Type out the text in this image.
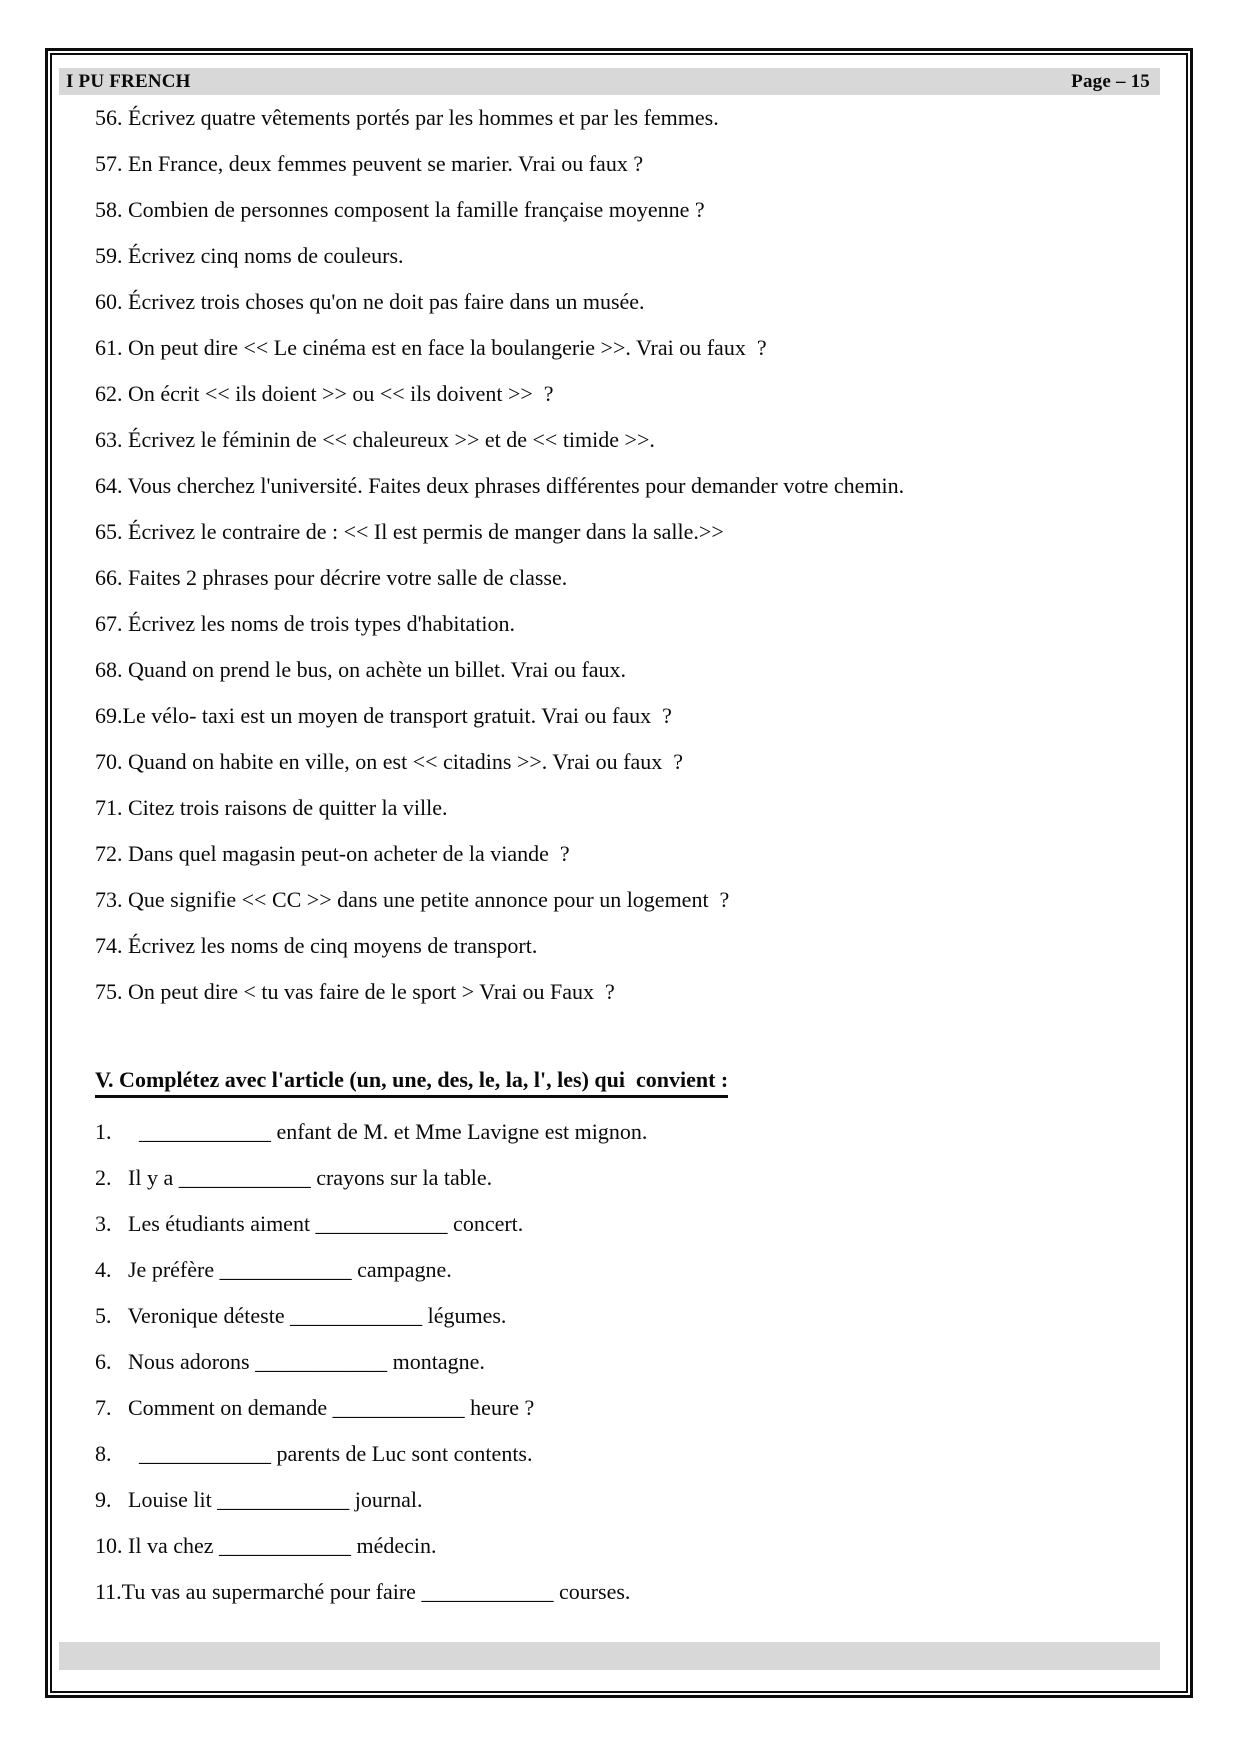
I PU FRENCH	Page – 15

56. Écrivez quatre vêtements portés par les hommes et par les femmes.

57. En France, deux femmes peuvent se marier. Vrai ou faux ?

58. Combien de personnes composent la famille française moyenne ?

59. Écrivez cinq noms de couleurs.

60. Écrivez trois choses qu'on ne doit pas faire dans un musée.

61. On peut dire << Le cinéma est en face la boulangerie >>. Vrai ou faux  ?

62. On écrit << ils doient >> ou << ils doivent >>  ?

63. Écrivez le féminin de << chaleureux >> et de << timide >>.

64. Vous cherchez l'université. Faites deux phrases différentes pour demander votre chemin.

65. Écrivez le contraire de : << Il est permis de manger dans la salle.>>

66. Faites 2 phrases pour décrire votre salle de classe.

67. Écrivez les noms de trois types d'habitation.

68. Quand on prend le bus, on achète un billet. Vrai ou faux.

69.Le vélo- taxi est un moyen de transport gratuit. Vrai ou faux  ?

70. Quand on habite en ville, on est << citadins >>. Vrai ou faux  ?

71. Citez trois raisons de quitter la ville.

72. Dans quel magasin peut-on acheter de la viande  ?

73. Que signifie << CC >> dans une petite annonce pour un logement  ?

74. Écrivez les noms de cinq moyens de transport.

75. On peut dire < tu vas faire de le sport > Vrai ou Faux  ?

V. Complétez avec l'article (un, une, des, le, la, l', les) qui  convient :

1.     ____________ enfant de M. et Mme Lavigne est mignon.

2.   Il y a ____________ crayons sur la table.

3.   Les étudiants aiment ____________ concert.

4.   Je préfère ____________ campagne.

5.   Veronique déteste ____________ légumes.

6.   Nous adorons ____________ montagne.

7.   Comment on demande ____________ heure ?

8.     ____________ parents de Luc sont contents.

9.   Louise lit ____________ journal.

10. Il va chez ____________ médecin.

11.Tu vas au supermarché pour faire ____________ courses.
